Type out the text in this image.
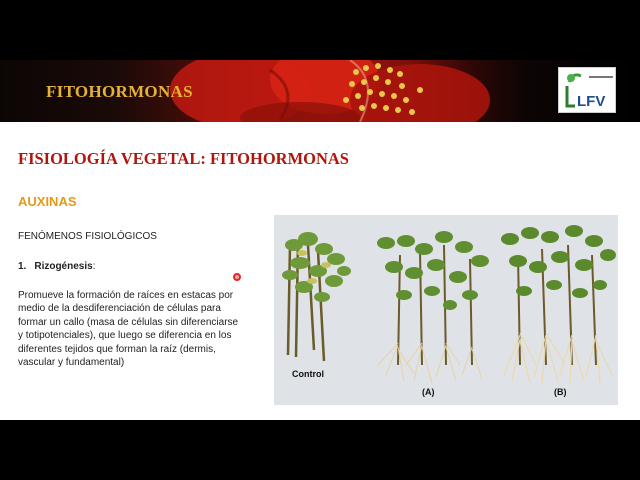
FITOHORMONAS
LFV
FISIOLOGÍA VEGETAL: FITOHORMONAS
AUXINAS
FENÓMENOS FISIOLÓGICOS
1. Rizogénesis:
Promueve la formación de raíces en estacas por medio de la desdiferenciación de células para formar un callo (masa de células sin diferenciarse y totipotenciales), que luego se diferencia en los diferentes tejidos que forman la raíz (dermis, vascular y fundamental)
Control
(A)	(B)
